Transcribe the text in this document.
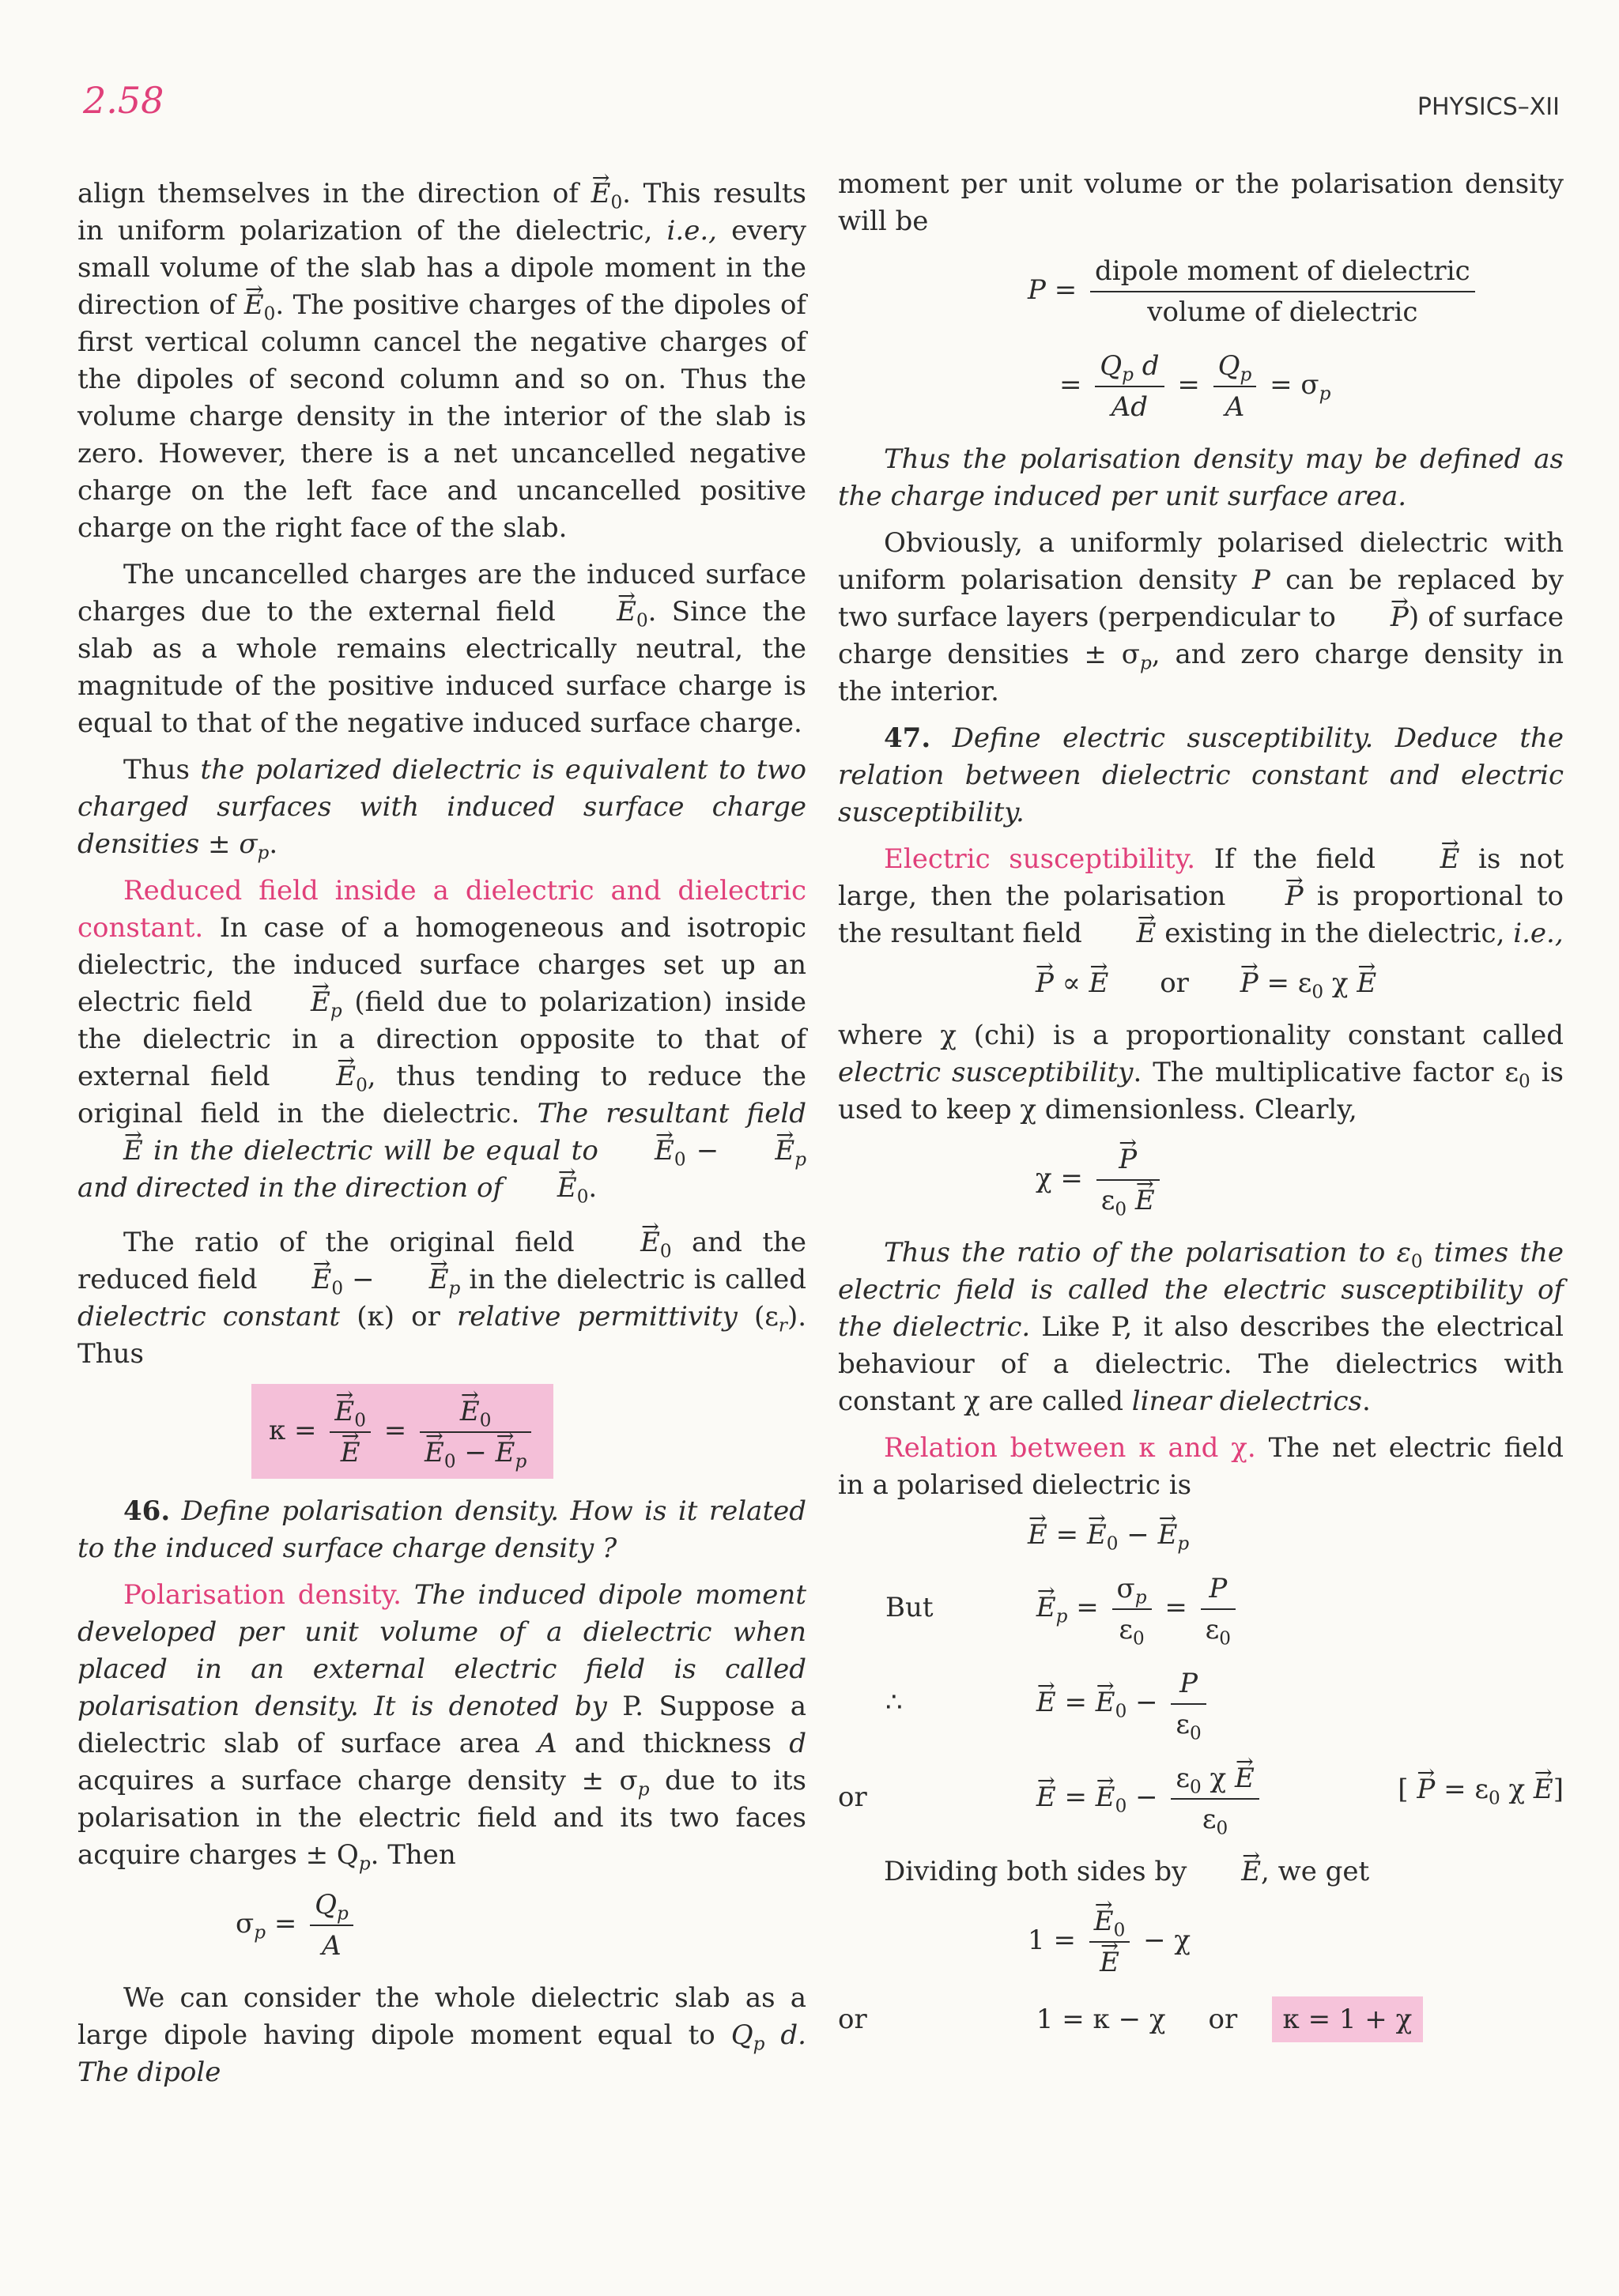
2.58	PHYSICS–XII

align themselves in the direction of → $E_0$. This results in uniform polarization of the dielectric, i.e., every small volume of the slab has a dipole moment in the direction of → $E_0$. The positive charges of the dipoles of first vertical column cancel the negative charges of the dipoles of second column and so on. Thus the volume charge density in the interior of the slab is zero. However, there is a net uncancelled negative charge on the left face and uncancelled positive charge on the right face of the slab.

The uncancelled charges are the induced surface charges due to the external field → $E_0$. Since the slab as a whole remains electrically neutral, the magnitude of the positive induced surface charge is equal to that of the negative induced surface charge.

Thus the polarized dielectric is equivalent to two charged surfaces with induced surface charge densities ± $\sigma_p$.

Reduced field inside a dielectric and dielectric constant. In case of a homogeneous and isotropic dielectric, the induced surface charges set up an electric field → $E_p$ (field due to polarization) inside the dielectric in a direction opposite to that of external field → $E_0$, thus tending to reduce the original field in the dielectric. The resultant field → E in the dielectric will be equal to → $E_0$ − → $E_p$ and directed in the direction of → $E_0$.

The ratio of the original field → $E_0$ and the reduced field → $E_0$ − → $E_p$ in the dielectric is called dielectric constant (κ) or relative permittivity $(\varepsilon_r)$. Thus

κ = → $E_0$
→ E = → $E_0$
→ $E_0$ − → $E_p$

46. Define polarisation density. How is it related to the induced surface charge density ?

Polarisation density. The induced dipole moment developed per unit volume of a dielectric when placed in an external electric field is called polarisation density. It is denoted by P. Suppose a dielectric slab of surface area A and thickness d acquires a surface charge density ± $\sigma_p$ due to its polarisation in the electric field and its two faces acquire charges ± $Q_p$. Then

$\sigma_p = \frac{Q_p}{A}$

We can consider the whole dielectric slab as a large dipole having dipole moment equal to $Q_p$ d. The dipole

moment per unit volume or the polarisation density will be

$P = \frac{\text{dipole moment of dielectric}}{\text{volume of dielectric}}$
= $\frac{Q_p d}{Ad} = \frac{Q_p}{A} = \sigma_p$

Thus the polarisation density may be defined as the charge induced per unit surface area.

Obviously, a uniformly polarised dielectric with uniform polarisation density P can be replaced by two surface layers (perpendicular to → P) of surface charge densities ± $\sigma_p$, and zero charge density in the interior.

47. Define electric susceptibility. Deduce the relation between dielectric constant and electric susceptibility.

Electric susceptibility. If the field → E is not large, then the polarisation → P is proportional to the resultant field → E existing in the dielectric, i.e.,

→ P ∝ → E or → $P = \varepsilon_0$ χ → E

where χ (chi) is a proportionality constant called electric susceptibility. The multiplicative factor $\varepsilon_0$ is used to keep χ dimensionless. Clearly,

χ = → $\frac{P}{\varepsilon_0 \to E}$

Thus the ratio of the polarisation to $\varepsilon_0$ times the electric field is called the electric susceptibility of the dielectric. Like P, it also describes the electrical behaviour of a dielectric. The dielectrics with constant χ are called linear dielectrics.

Relation between κ and χ. The net electric field in a polarised dielectric is

→ E = → $E_0$ − → $E_p$
But	→ $E_p = \frac{\sigma_p}{\varepsilon_0} = \frac{P}{\varepsilon_0}$
∴	→ E = → $E_0 - \frac{P}{\varepsilon_0}$
or	→ E = → $E_0 - \frac{\varepsilon_0 \chi \to E}{\varepsilon_0}$	[ → $P = \varepsilon_0$ χ → E]

Dividing both sides by → E, we get

1 = → $E_0$
→ E − χ
or	1 = κ − χ     or κ = 1 + χ
